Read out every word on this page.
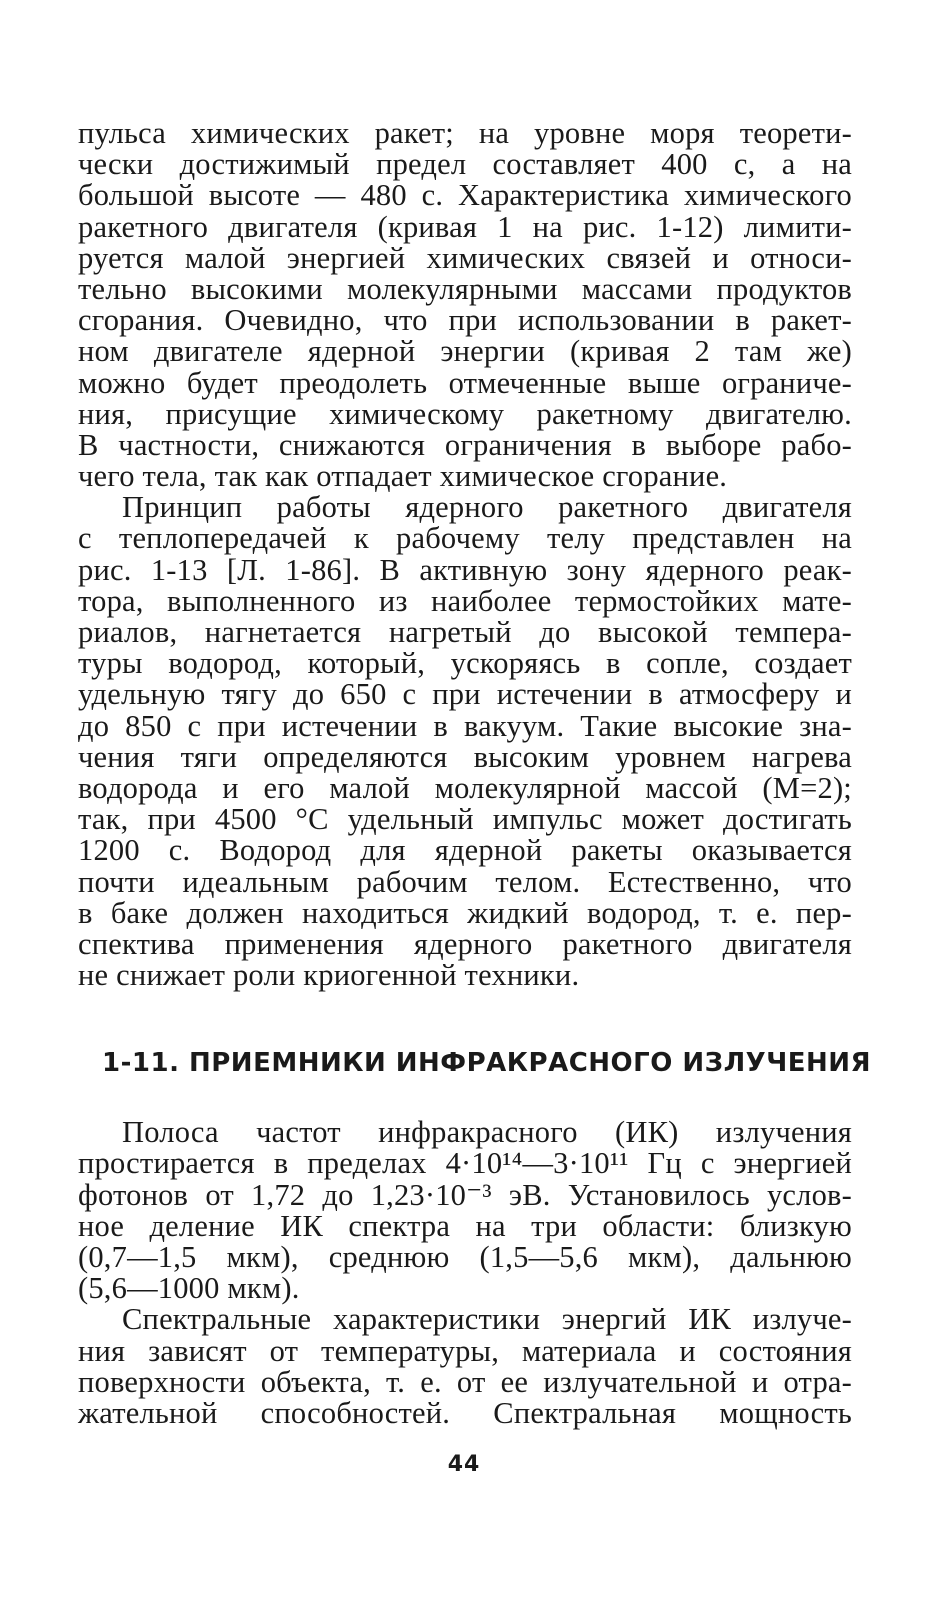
пульса химических ракет; на уровне моря теорети-
чески достижимый предел составляет 400 с, а на
большой высоте — 480 с. Характеристика химического
ракетного двигателя (кривая 1 на рис. 1-12) лимити-
руется малой энергией химических связей и относи-
тельно высокими молекулярными массами продуктов
сгорания. Очевидно, что при использовании в ракет-
ном двигателе ядерной энергии (кривая 2 там же)
можно будет преодолеть отмеченные выше ограниче-
ния, присущие химическому ракетному двигателю.
В частности, снижаются ограничения в выборе рабо-
чего тела, так как отпадает химическое сгорание.
Принцип работы ядерного ракетного двигателя
с теплопередачей к рабочему телу представлен на
рис. 1-13 [Л. 1-86]. В активную зону ядерного реак-
тора, выполненного из наиболее термостойких мате-
риалов, нагнетается нагретый до высокой темпера-
туры водород, который, ускоряясь в сопле, создает
удельную тягу до 650 с при истечении в атмосферу и
до 850 с при истечении в вакуум. Такие высокие зна-
чения тяги определяются высоким уровнем нагрева
водорода и его малой молекулярной массой (М=2);
так, при 4500 °С удельный импульс может достигать
1200 с. Водород для ядерной ракеты оказывается
почти идеальным рабочим телом. Естественно, что
в баке должен находиться жидкий водород, т. е. пер-
спектива применения ядерного ракетного двигателя
не снижает роли криогенной техники.
1-11. ПРИЕМНИКИ ИНФРАКРАСНОГО ИЗЛУЧЕНИЯ
Полоса частот инфракрасного (ИК) излучения
простирается в пределах 4·10¹⁴—3·10¹¹ Гц с энергией
фотонов от 1,72 до 1,23·10⁻³ эВ. Установилось услов-
ное деление ИК спектра на три области: близкую
(0,7—1,5 мкм), среднюю (1,5—5,6 мкм), дальнюю
(5,6—1000 мкм).
Спектральные характеристики энергий ИК излуче-
ния зависят от температуры, материала и состояния
поверхности объекта, т. е. от ее излучательной и отра-
жательной способностей. Спектральная мощность
44
